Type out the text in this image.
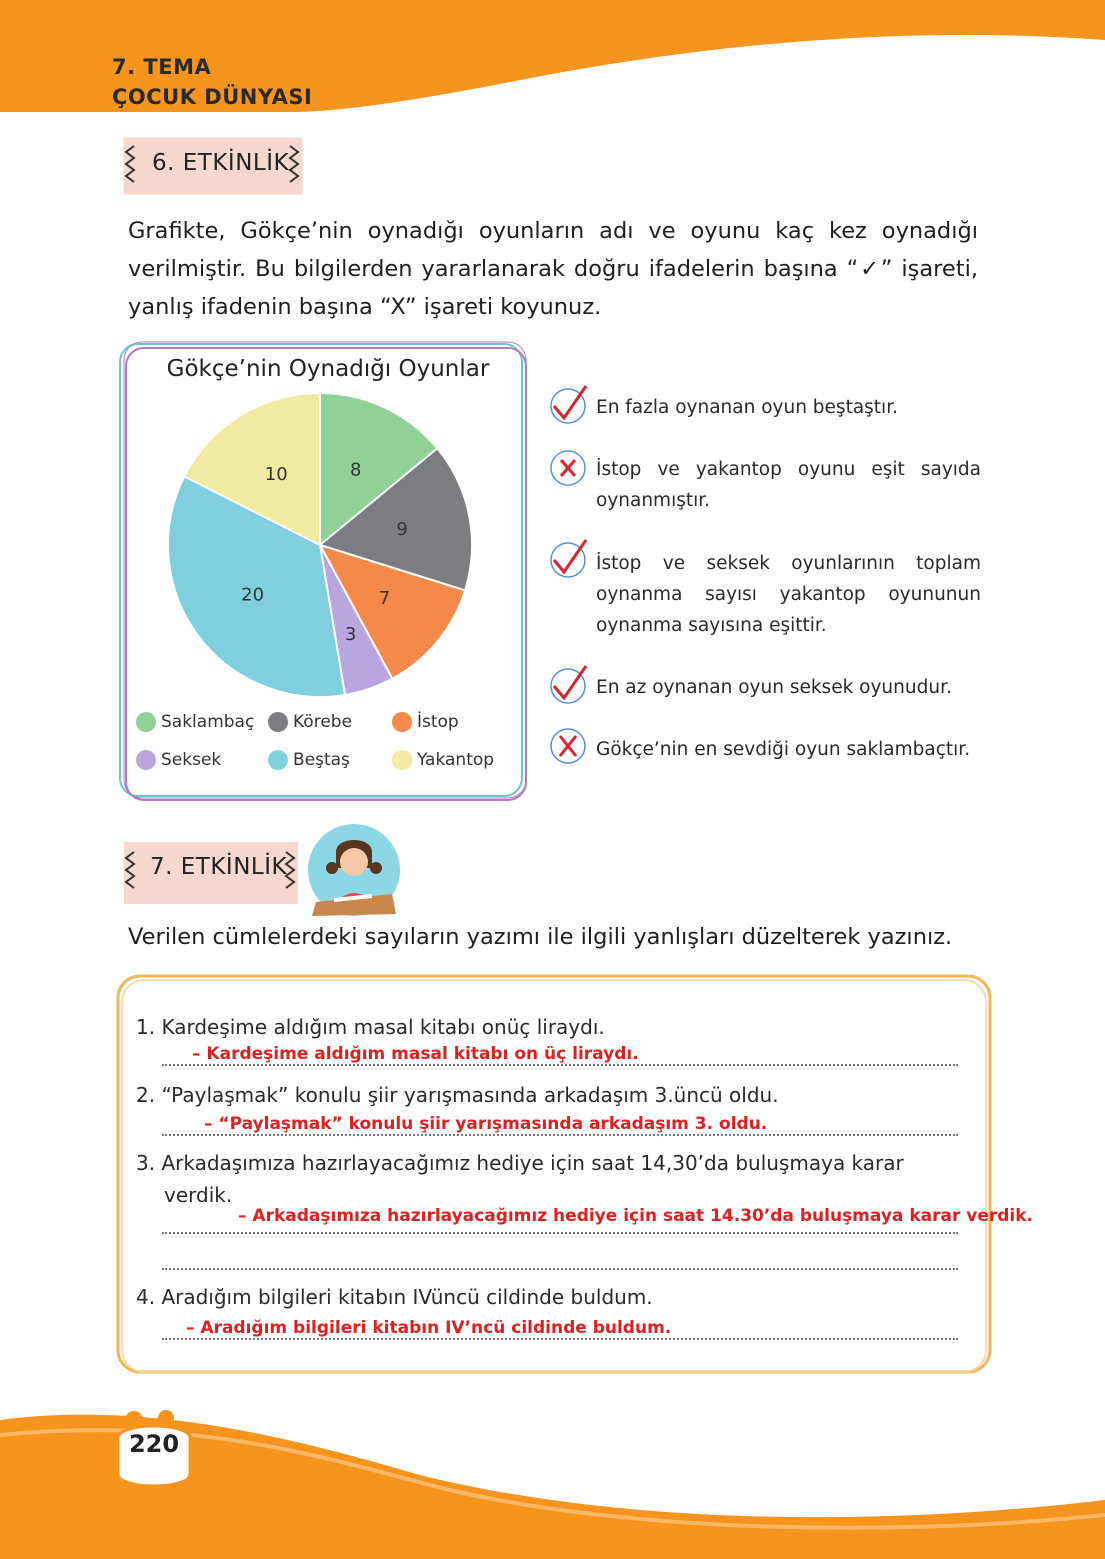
7. TEMA
ÇOCUK DÜNYASI
6. ETKİNLİK
Grafikte, Gökçe’nin oynadığı oyunların adı ve oyunu kaç kez oynadığı verilmiştir. Bu bilgilerden yararlanarak doğru ifadelerin başına “✓” işareti, yanlış ifadenin başına “X” işareti koyunuz.
Gökçe’nin Oynadığı Oyunlar
8
9
7
3
20
10
Saklambaç Körebe	İstop
Seksek	Beştaş	Yakantop
En fazla oynanan oyun beştaştır.
İstop ve yakantop oyunu eşit sayıda oynanmıştır.
İstop ve seksek oyunlarının toplam oynanma sayısı yakantop oyununun oynanma sayısına eşittir.
En az oynanan oyun seksek oyunudur.
Gökçe’nin en sevdiği oyun saklambaçtır.
7. ETKİNLİK
Verilen cümlelerdeki sayıların yazımı ile ilgili yanlışları düzelterek yazınız.
1. Kardeşime aldığım masal kitabı onüç liraydı.
– Kardeşime aldığım masal kitabı on üç liraydı.
2. “Paylaşmak” konulu şiir yarışmasında arkadaşım 3.üncü oldu.
– “Paylaşmak” konulu şiir yarışmasında arkadaşım 3. oldu.
3. Arkadaşımıza hazırlayacağımız hediye için saat 14,30’da buluşmaya karar
verdik.
– Arkadaşımıza hazırlayacağımız hediye için saat 14.30’da buluşmaya karar verdik.
4. Aradığım bilgileri kitabın IVüncü cildinde buldum.
– Aradığım bilgileri kitabın IV’ncü cildinde buldum.
220
